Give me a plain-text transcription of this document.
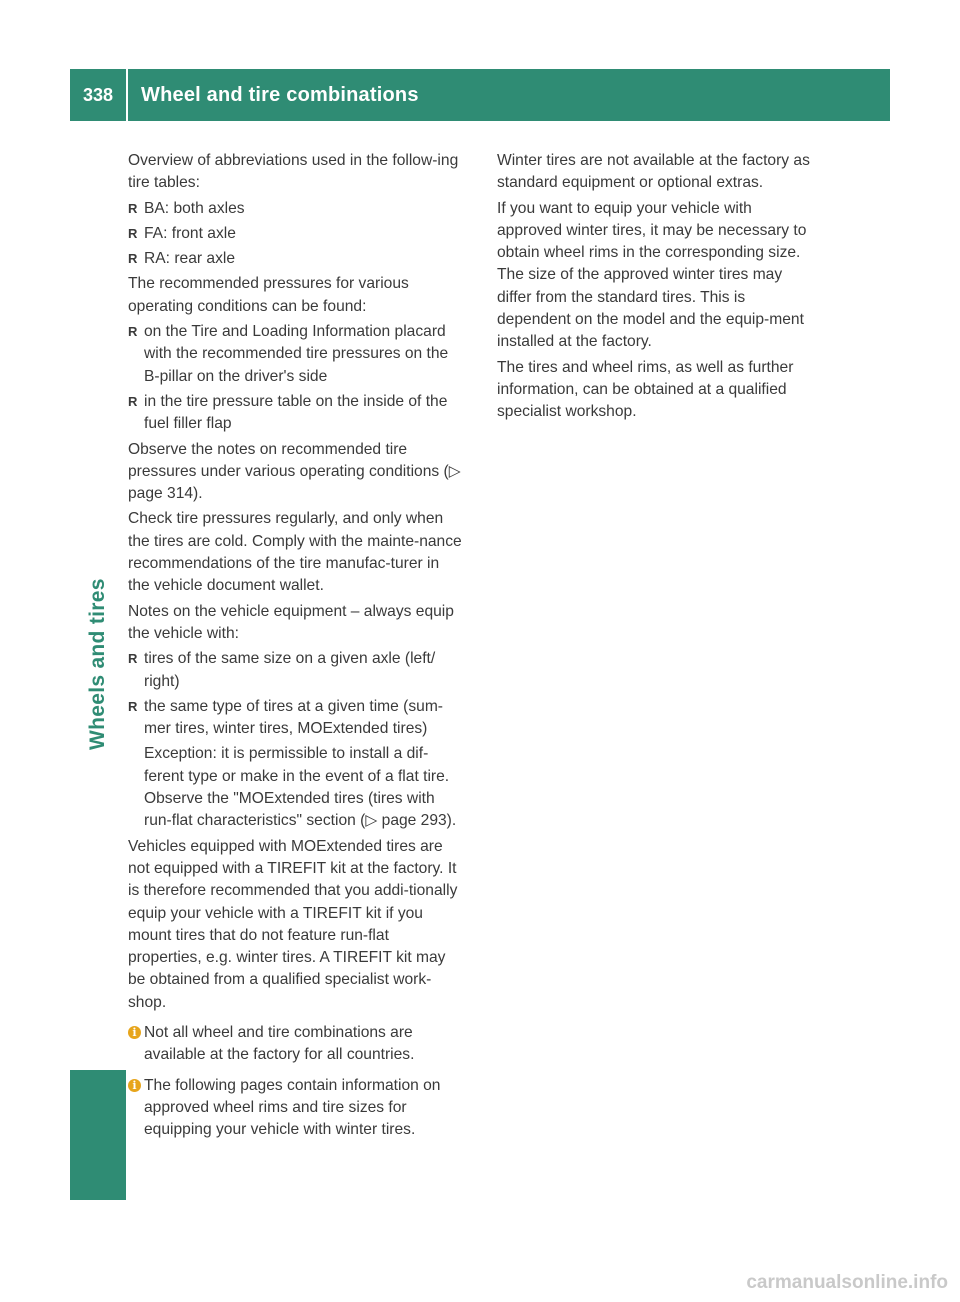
338	Wheel and tire combinations
Wheels and tires

Overview of abbreviations used in the follow-ing tire tables:

R BA: both axles
R FA: front axle
R RA: rear axle

The recommended pressures for various operating conditions can be found:

R on the Tire and Loading Information placard with the recommended tire pressures on the B-pillar on the driver's side
R in the tire pressure table on the inside of the fuel filler flap

Observe the notes on recommended tire pressures under various operating conditions (▷ page 314).

Check tire pressures regularly, and only when the tires are cold. Comply with the mainte-nance recommendations of the tire manufac-turer in the vehicle document wallet.

Notes on the vehicle equipment – always equip the vehicle with:

R tires of the same size on a given axle (left/ right)
R the same type of tires at a given time (sum-mer tires, winter tires, MOExtended tires)

Exception: it is permissible to install a dif-ferent type or make in the event of a flat tire. Observe the "MOExtended tires (tires with run-flat characteristics" section (▷ page 293).

Vehicles equipped with MOExtended tires are not equipped with a TIREFIT kit at the factory. It is therefore recommended that you addi-tionally equip your vehicle with a TIREFIT kit if you mount tires that do not feature run-flat properties, e.g. winter tires. A TIREFIT kit may be obtained from a qualified specialist work-shop.

i Not all wheel and tire combinations are available at the factory for all countries.
i The following pages contain information on approved wheel rims and tire sizes for equipping your vehicle with winter tires.

Winter tires are not available at the factory as standard equipment or optional extras.

If you want to equip your vehicle with approved winter tires, it may be necessary to obtain wheel rims in the corresponding size. The size of the approved winter tires may differ from the standard tires. This is dependent on the model and the equip-ment installed at the factory.

The tires and wheel rims, as well as further information, can be obtained at a qualified specialist workshop.

carmanualsonline.info
